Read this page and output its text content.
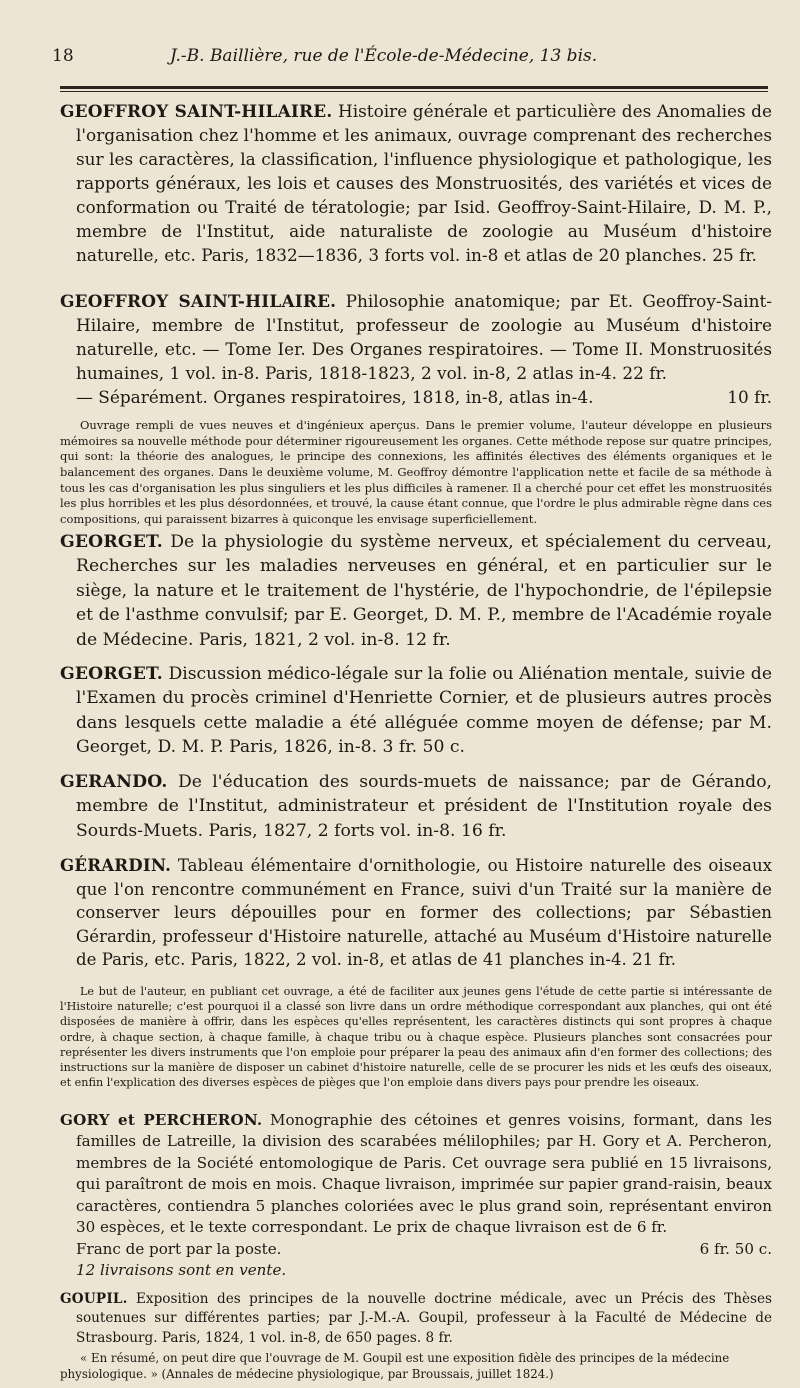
18	J.-B. Baillière, rue de l'École-de-Médecine, 13 bis.

GEOFFROY SAINT-HILAIRE. Histoire générale et particulière des Anomalies de l'organisation chez l'homme et les animaux, ouvrage comprenant des recherches sur les caractères, la classification, l'influence physiologique et pathologique, les rapports généraux, les lois et causes des Monstruosités, des variétés et vices de conformation ou Traité de tératologie; par Isid. Geoffroy-Saint-Hilaire, D. M. P., membre de l'Institut, aide naturaliste de zoologie au Muséum d'histoire naturelle, etc. Paris, 1832—1836, 3 forts vol. in-8 et atlas de 20 planches. 25 fr.

GEOFFROY SAINT-HILAIRE. Philosophie anatomique; par Et. Geoffroy-Saint-Hilaire, membre de l'Institut, professeur de zoologie au Muséum d'histoire naturelle, etc. — Tome Ier. Des Organes respiratoires. — Tome II. Monstruosités humaines, 1 vol. in-8. Paris, 1818-1823, 2 vol. in-8, 2 atlas in-4. 22 fr.

— Séparément. Organes respiratoires, 1818, in-8, atlas in-4.	10 fr.

Ouvrage rempli de vues neuves et d'ingénieux aperçus. Dans le premier volume, l'auteur développe en plusieurs mémoires sa nouvelle méthode pour déterminer rigoureusement les organes. Cette méthode repose sur quatre principes, qui sont: la théorie des analogues, le principe des connexions, les affinités électives des éléments organiques et le balancement des organes. Dans le deuxième volume, M. Geoffroy démontre l'application nette et facile de sa méthode à tous les cas d'organisation les plus singuliers et les plus difficiles à ramener. Il a cherché pour cet effet les monstruosités les plus horribles et les plus désordonnées, et trouvé, la cause étant connue, que l'ordre le plus admirable règne dans ces compositions, qui paraissent bizarres à quiconque les envisage superficiellement.

GEORGET. De la physiologie du système nerveux, et spécialement du cerveau, Recherches sur les maladies nerveuses en général, et en particulier sur le siège, la nature et le traitement de l'hystérie, de l'hypochondrie, de l'épilepsie et de l'asthme convulsif; par E. Georget, D. M. P., membre de l'Académie royale de Médecine. Paris, 1821, 2 vol. in-8. 12 fr.

GEORGET. Discussion médico-légale sur la folie ou Aliénation mentale, suivie de l'Examen du procès criminel d'Henriette Cornier, et de plusieurs autres procès dans lesquels cette maladie a été alléguée comme moyen de défense; par M. Georget, D. M. P. Paris, 1826, in-8. 3 fr. 50 c.

GERANDO. De l'éducation des sourds-muets de naissance; par de Gérando, membre de l'Institut, administrateur et président de l'Institution royale des Sourds-Muets. Paris, 1827, 2 forts vol. in-8. 16 fr.

GÉRARDIN. Tableau élémentaire d'ornithologie, ou Histoire naturelle des oiseaux que l'on rencontre communément en France, suivi d'un Traité sur la manière de conserver leurs dépouilles pour en former des collections; par Sébastien Gérardin, professeur d'Histoire naturelle, attaché au Muséum d'Histoire naturelle de Paris, etc. Paris, 1822, 2 vol. in-8, et atlas de 41 planches in-4. 21 fr.

Le but de l'auteur, en publiant cet ouvrage, a été de faciliter aux jeunes gens l'étude de cette partie si intéressante de l'Histoire naturelle; c'est pourquoi il a classé son livre dans un ordre méthodique correspondant aux planches, qui ont été disposées de manière à offrir, dans les espèces qu'elles représentent, les caractères distincts qui sont propres à chaque ordre, à chaque section, à chaque famille, à chaque tribu ou à chaque espèce. Plusieurs planches sont consacrées pour représenter les divers instruments que l'on emploie pour préparer la peau des animaux afin d'en former des collections; des instructions sur la manière de disposer un cabinet d'histoire naturelle, celle de se procurer les nids et les œufs des oiseaux, et enfin l'explication des diverses espèces de pièges que l'on emploie dans divers pays pour prendre les oiseaux.

GORY et PERCHERON. Monographie des cétoines et genres voisins, formant, dans les familles de Latreille, la division des scarabées mélilophiles; par H. Gory et A. Percheron, membres de la Société entomologique de Paris. Cet ouvrage sera publié en 15 livraisons, qui paraîtront de mois en mois. Chaque livraison, imprimée sur papier grand-raisin, beaux caractères, contiendra 5 planches coloriées avec le plus grand soin, représentant environ 30 espèces, et le texte correspondant. Le prix de chaque livraison est de 6 fr.

Franc de port par la poste.	6 fr. 50 c.
12 livraisons sont en vente.

GOUPIL. Exposition des principes de la nouvelle doctrine médicale, avec un Précis des Thèses soutenues sur différentes parties; par J.-M.-A. Goupil, professeur à la Faculté de Médecine de Strasbourg. Paris, 1824, 1 vol. in-8, de 650 pages. 8 fr.

« En résumé, on peut dire que l'ouvrage de M. Goupil est une exposition fidèle des principes de la médecine physiologique. » (Annales de médecine physiologique, par Broussais, juillet 1824.)
